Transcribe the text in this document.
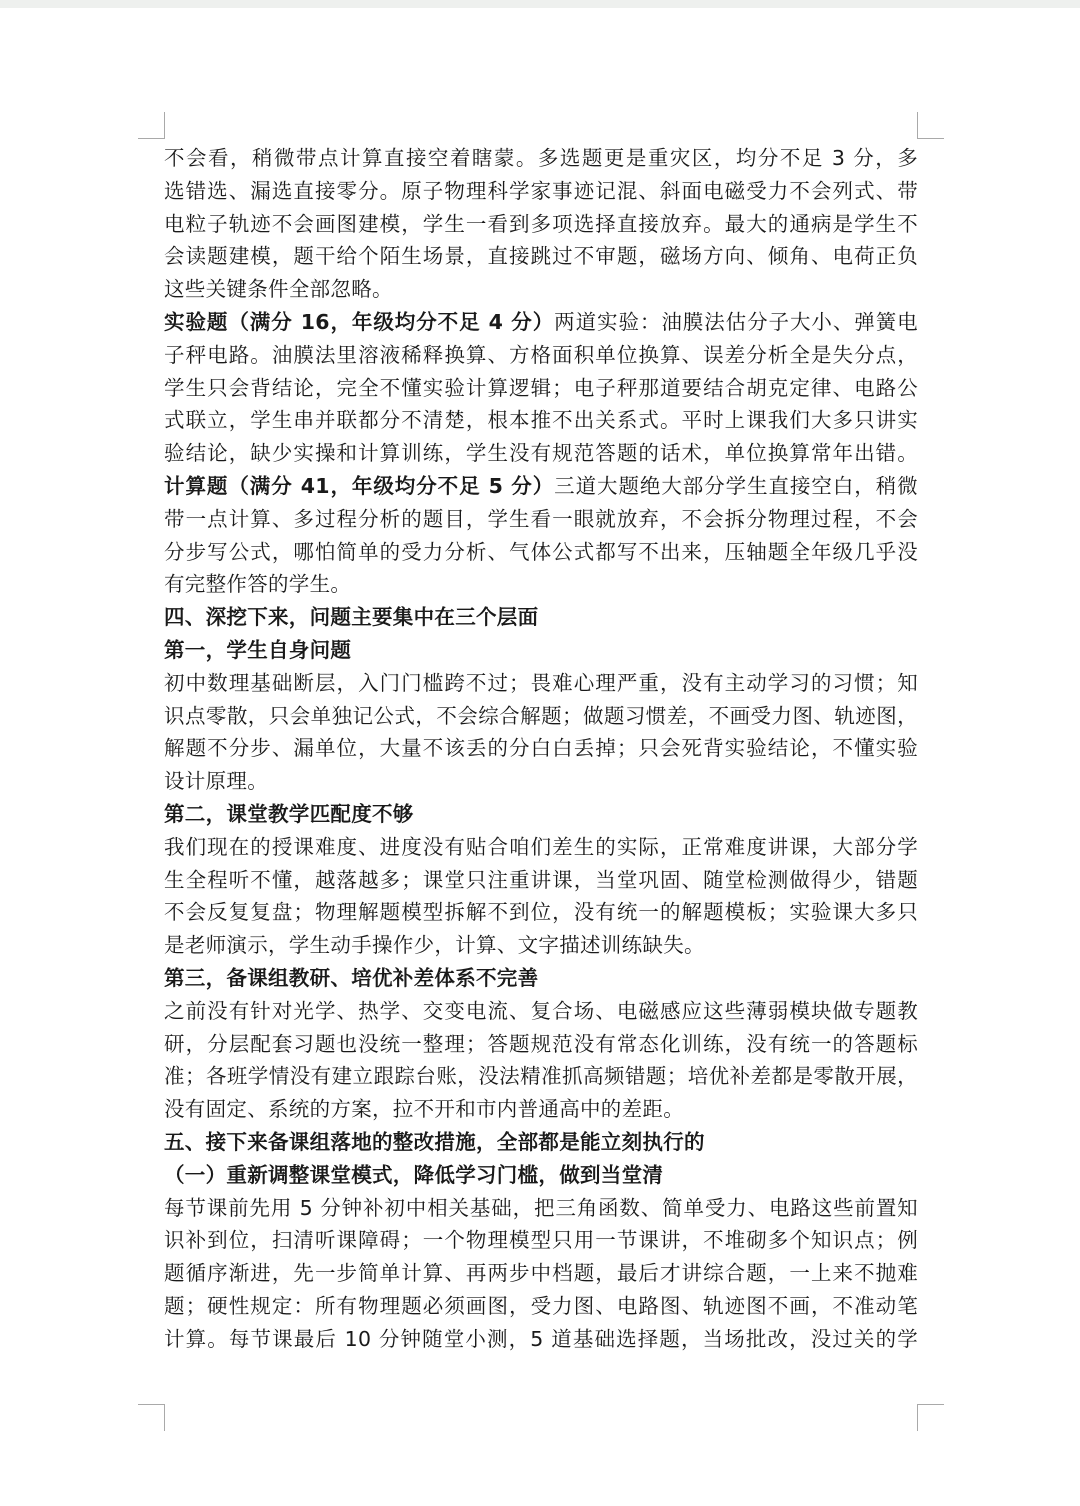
不会看，稍微带点计算直接空着瞎蒙。多选题更是重灾区，均分不足 3 分，多
选错选、漏选直接零分。原子物理科学家事迹记混、斜面电磁受力不会列式、带
电粒子轨迹不会画图建模，学生一看到多项选择直接放弃。最大的通病是学生不
会读题建模，题干给个陌生场景，直接跳过不审题，磁场方向、倾角、电荷正负
这些关键条件全部忽略。
实验题（满分 16，年级均分不足 4 分）两道实验：油膜法估分子大小、弹簧电
子秤电路。油膜法里溶液稀释换算、方格面积单位换算、误差分析全是失分点，
学生只会背结论，完全不懂实验计算逻辑；电子秤那道要结合胡克定律、电路公
式联立，学生串并联都分不清楚，根本推不出关系式。平时上课我们大多只讲实
验结论，缺少实操和计算训练，学生没有规范答题的话术，单位换算常年出错。
计算题（满分 41，年级均分不足 5 分）三道大题绝大部分学生直接空白，稍微
带一点计算、多过程分析的题目，学生看一眼就放弃，不会拆分物理过程，不会
分步写公式，哪怕简单的受力分析、气体公式都写不出来，压轴题全年级几乎没
有完整作答的学生。
四、深挖下来，问题主要集中在三个层面
第一，学生自身问题
初中数理基础断层，入门门槛跨不过；畏难心理严重，没有主动学习的习惯；知
识点零散，只会单独记公式，不会综合解题；做题习惯差，不画受力图、轨迹图，
解题不分步、漏单位，大量不该丢的分白白丢掉；只会死背实验结论，不懂实验
设计原理。
第二，课堂教学匹配度不够
我们现在的授课难度、进度没有贴合咱们差生的实际，正常难度讲课，大部分学
生全程听不懂，越落越多；课堂只注重讲课，当堂巩固、随堂检测做得少，错题
不会反复复盘；物理解题模型拆解不到位，没有统一的解题模板；实验课大多只
是老师演示，学生动手操作少，计算、文字描述训练缺失。
第三，备课组教研、培优补差体系不完善
之前没有针对光学、热学、交变电流、复合场、电磁感应这些薄弱模块做专题教
研，分层配套习题也没统一整理；答题规范没有常态化训练，没有统一的答题标
准；各班学情没有建立跟踪台账，没法精准抓高频错题；培优补差都是零散开展，
没有固定、系统的方案，拉不开和市内普通高中的差距。
五、接下来备课组落地的整改措施，全部都是能立刻执行的
（一）重新调整课堂模式，降低学习门槛，做到当堂清
每节课前先用 5 分钟补初中相关基础，把三角函数、简单受力、电路这些前置知
识补到位，扫清听课障碍；一个物理模型只用一节课讲，不堆砌多个知识点；例
题循序渐进，先一步简单计算、再两步中档题，最后才讲综合题，一上来不抛难
题；硬性规定：所有物理题必须画图，受力图、电路图、轨迹图不画，不准动笔
计算。每节课最后 10 分钟随堂小测，5 道基础选择题，当场批改，没过关的学
